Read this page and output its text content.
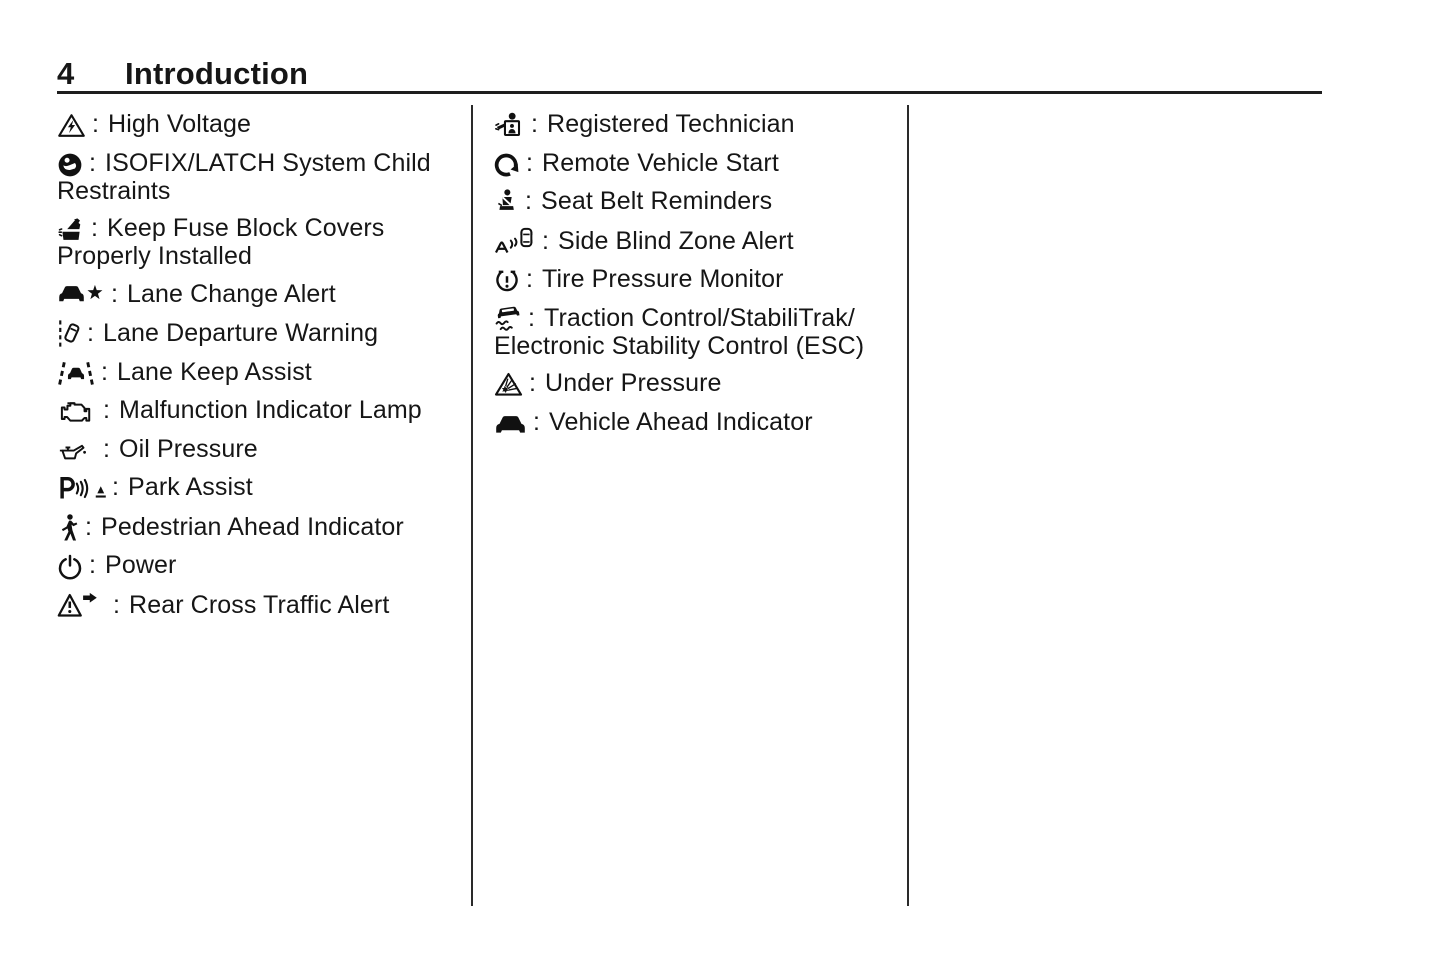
4	Introduction
: High Voltage
: ISOFIX/LATCH System Child Restraints
: Keep Fuse Block Covers Properly Installed
: Lane Change Alert
: Lane Departure Warning
: Lane Keep Assist
: Malfunction Indicator Lamp
: Oil Pressure
: Park Assist
: Pedestrian Ahead Indicator
: Power
: Rear Cross Traffic Alert
: Registered Technician
: Remote Vehicle Start
: Seat Belt Reminders
: Side Blind Zone Alert
: Tire Pressure Monitor
: Traction Control/StabiliTrak/​Electronic Stability Control (ESC)
: Under Pressure
: Vehicle Ahead Indicator
